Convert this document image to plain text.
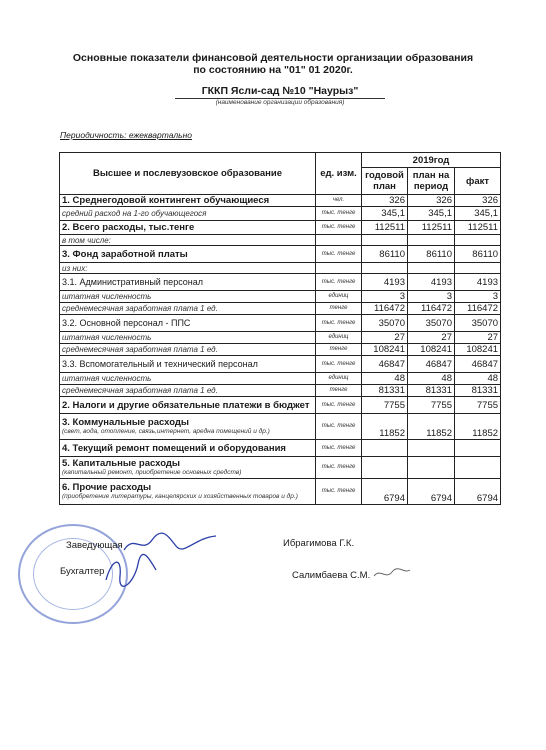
Основные показатели финансовой деятельности организации образования
по состоянию на "01" 01 2020г.
ГККП Ясли-сад №10 "Наурыз"
(наименование организации образования)
Периодичность: ежеквартально
Высшее и послевузовское образование	ед. изм.	2019год		
		годовой план	план на период	факт
1. Среднегодовой контингент обучающиеся	чел.	326	326	326
средний расход на 1-го обучающегося	тыс. тенге	345,1	345,1	345,1
2. Всего расходы, тыс.тенге	тыс. тенге	112511	112511	112511
в том числе:				
3. Фонд заработной платы	тыс. тенге	86110	86110	86110
из них:				
3.1. Административный персонал	тыс. тенге	4193	4193	4193
штатная численность	единиц	3	3	3
среднемесячная заработная плата 1 ед.	тенге	116472	116472	116472
3.2. Основной персонал - ППС	тыс. тенге	35070	35070	35070
штатная численность	единиц	27	27	27
среднемесячная заработная плата 1 ед.	тенге	108241	108241	108241
3.3. Вспомогательный и технический персонал	тыс. тенге	46847	46847	46847
штатная численность	единиц	48	48	48
среднемесячная заработная плата 1 ед.	тенге	81331	81331	81331
2. Налоги и другие обязательные платежи в бюджет	тыс. тенге	7755	7755	7755
3. Коммунальные расходы
(свет, вода, отопление, связь,интернет, аредна помещений и др.)	тыс. тенге	11852	11852	11852
4. Текущий ремонт помещений и оборудования	тыс. тенге			
5. Капитальные расходы
(капитальный ремонт, приобретение основных средств)	тыс. тенге			
6. Прочие расходы
(приобретение литературы, канцелярских и хозяйственных товаров и др.)	тыс. тенге	6794	6794	6794
Заведующая	Ибрагимова Г.К.
Бухгалтер	Салимбаева С.М.
